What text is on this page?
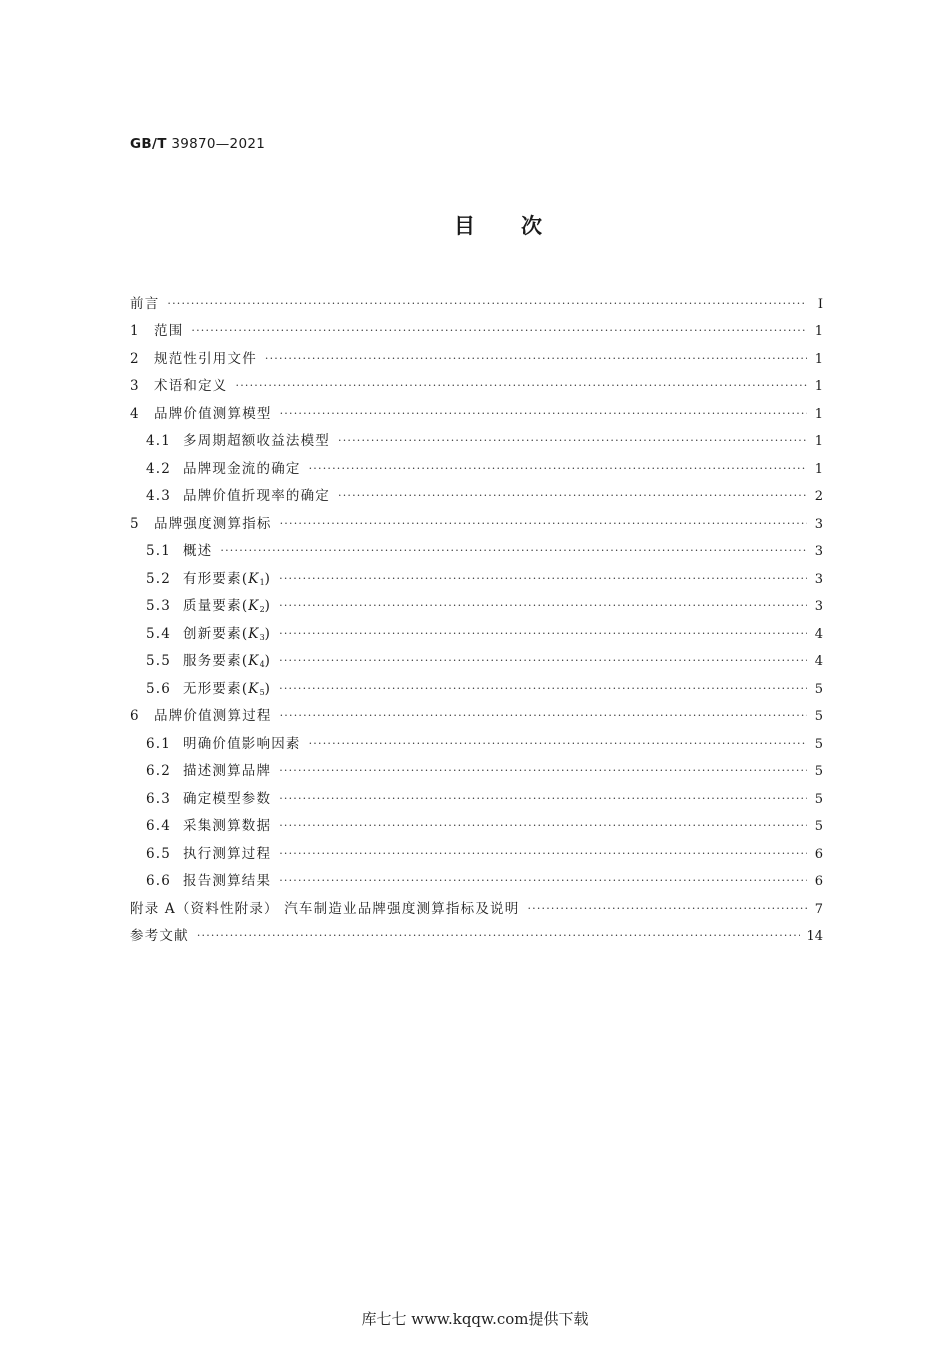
GB/T 39870—2021
目次
前言 ·····	Ⅰ
1	范围 ·····	1
2	规范性引用文件 ·····	1
3	术语和定义 ·····	1
4	品牌价值测算模型 ·····	1
4.1 多周期超额收益法模型 ·····	1
4.2 品牌现金流的确定 ·····	1
4.3 品牌价值折现率的确定 ·····	2
5	品牌强度测算指标 ·····	3
5.1 概述 ·····	3
5.2 有形要素$(K_1)$ ·····	3
5.3 质量要素$(K_2)$ ·····	3
5.4 创新要素$(K_3)$ ·····	4
5.5 服务要素$(K_4)$ ·····	4
5.6 无形要素$(K_5)$ ·····	5
6	品牌价值测算过程 ·····	5
6.1 明确价值影响因素 ·····	5
6.2 描述测算品牌 ·····	5
6.3 确定模型参数 ·····	5
6.4 采集测算数据 ·····	5
6.5 执行测算过程 ·····	6
6.6 报告测算结果 ·····	6
附录 A（资料性附录） 汽车制造业品牌强度测算指标及说明 ·····	7
参考文献 ·····	14
库七七 www.kqqw.com提供下载
